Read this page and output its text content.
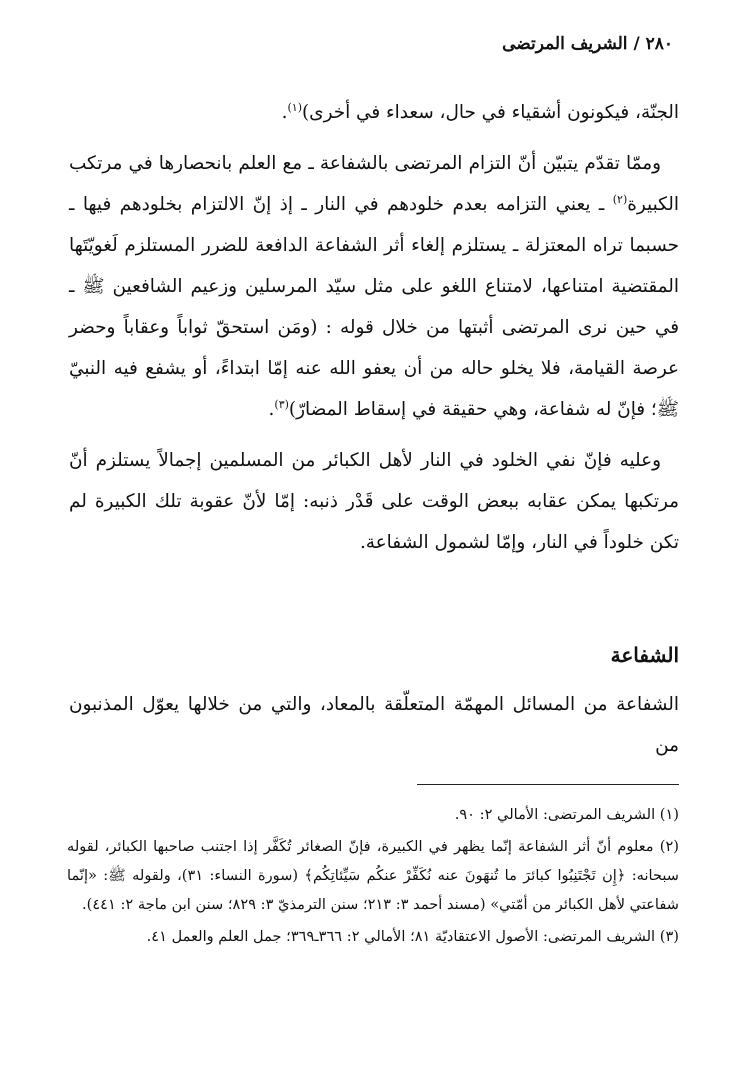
٢٨٠ / الشريف المرتضى

الجنّة، فيكونون أشقياء في حال، سعداء في أخرى)$^{(١)}$.

وممّا تقدّم يتبيّن أنّ التزام المرتضى بالشفاعة ـ مع العلم بانحصارها في مرتكب الكبيرة$^{(٢)}$ ـ يعني التزامه بعدم خلودهم في النار ـ إذ إنّ الالتزام بخلودهم فيها ـ حسبما تراه المعتزلة ـ يستلزم إلغاء أثر الشفاعة الدافعة للضرر المستلزم لَغويّتَها المقتضية امتناعها، لامتناع اللغو على مثل سيّد المرسلين وزعيم الشافعين ﷺ ـ في حين نرى المرتضى أثبتها من خلال قوله : (ومَن استحقّ ثواباً وعقاباً وحضر عرصة القيامة، فلا يخلو حاله من أن يعفو الله عنه إمّا ابتداءً، أو يشفع فيه النبيّ ﷺ؛ فإنّ له شفاعة، وهي حقيقة في إسقاط المضارّ)$^{(٣)}$.

وعليه فإنّ نفي الخلود في النار لأهل الكبائر من المسلمين إجمالاً يستلزم أنّ مرتكبها يمكن عقابه ببعض الوقت على قَدْر ذنبه: إمّا لأنّ عقوبة تلك الكبيرة لم تكن خلوداً في النار، وإمّا لشمول الشفاعة.

الشفاعة
الشفاعة من المسائل المهمّة المتعلّقة بالمعاد، والتي من خلالها يعوّل المذنبون من

(١) الشريف المرتضى: الأمالي ٢: ٩٠.

(٢) معلوم أنّ أثر الشفاعة إنّما يظهر في الكبيرة، فإنّ الصغائر تُكَفَّر إذا اجتنب صاحبها الكبائر، لقوله سبحانه: ﴿إِن تَجْتَنِبُوا كبائرَ ما تُنهَونَ عنه نُكَفِّرْ عنكُم سَيِّئاتِكُم﴾ (سورة النساء: ٣١)، ولقوله ﷺ: «إنّما شفاعتي لأهل الكبائر من أمّتي» (مسند أحمد ٣: ٢١٣؛ سنن الترمذيّ ٣: ٨٢٩؛ سنن ابن ماجة ٢: ٤٤١).

(٣) الشريف المرتضى: الأصول الاعتقاديّة ٨١؛ الأمالي ٢: ٣٦٦ـ٣٦٩؛ جمل العلم والعمل ٤١.
